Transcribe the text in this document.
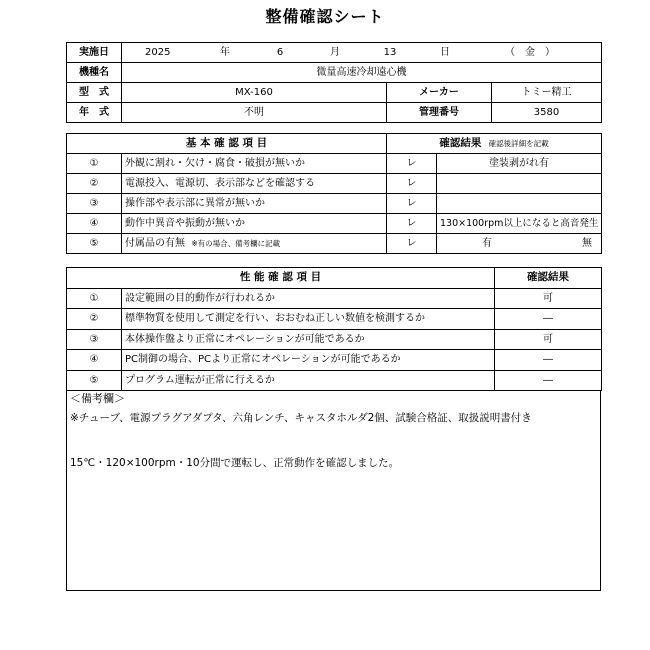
整備確認シート
実施日	2025 年 6 月 13 日 （　金　）		
機種名	微量高速冷却遠心機		
型　式	MX-160	メーカー	トミー精工
年　式	不明	管理番号	3580
基 本 確 認 項 目		確認結果 確認後詳細を記載	
①	外観に割れ・欠け・腐食・破損が無いか	レ	塗装剥がれ有
②	電源投入、電源切、表示部などを確認する	レ	
③	操作部や表示部に異常が無いか	レ	
④	動作中異音や振動が無いか	レ	130×100rpm以上になると高音発生
⑤	付属品の有無 ※有の場合、備考欄に記載	レ	有 無
性 能 確 認 項 目		確認結果
①	設定範囲の目的動作が行われるか	可
②	標準物質を使用して測定を行い、おおむね正しい数値を検測するか	―
③	本体操作盤より正常にオペレーションが可能であるか	可
④	PC制御の場合、PCより正常にオペレーションが可能であるか	―
⑤	プログラム運転が正常に行えるか	―
＜備考欄＞
※チューブ、電源プラグアダプタ、六角レンチ、キャスタホルダ2個、試験合格証、取扱説明書付き
15℃・120×100rpm・10分間で運転し、正常動作を確認しました。
